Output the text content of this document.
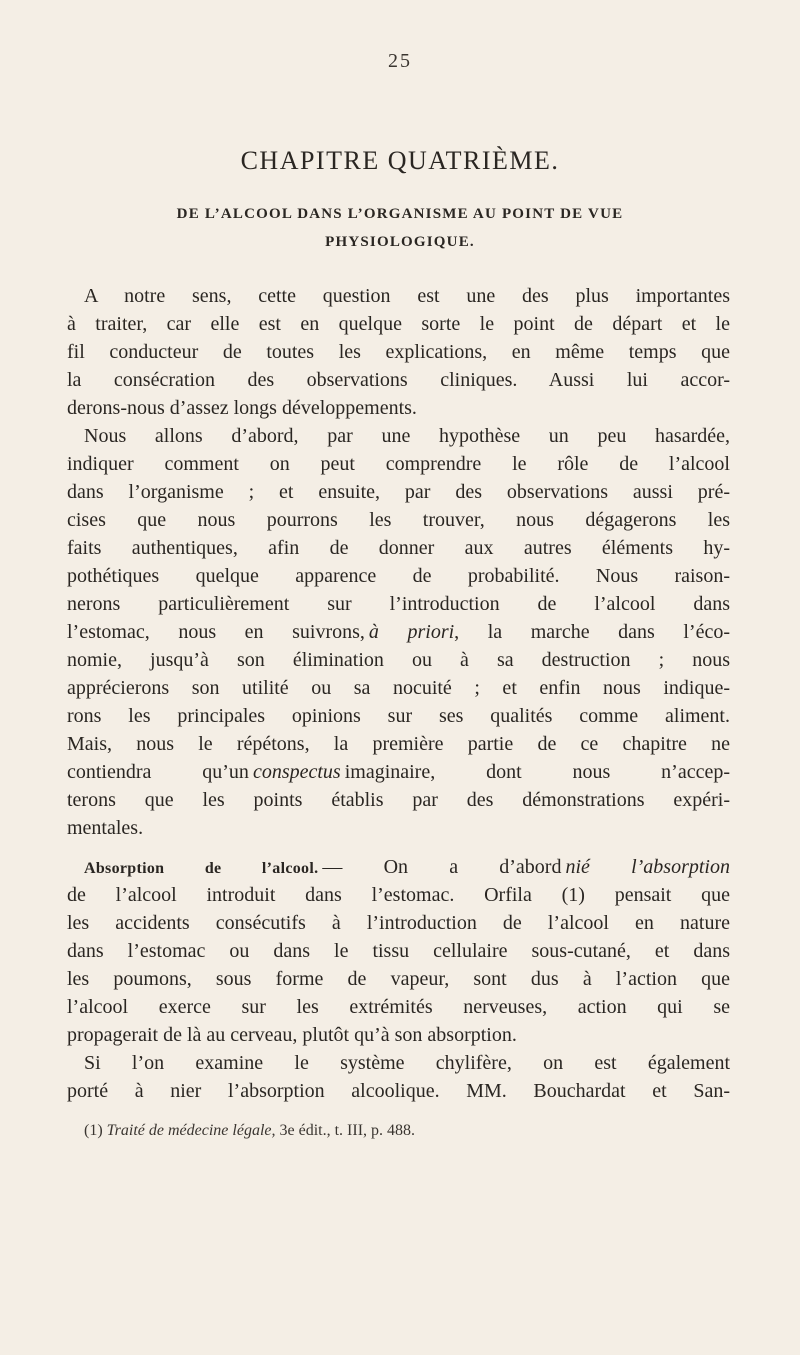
25
CHAPITRE QUATRIÈME.
DE L’ALCOOL DANS L’ORGANISME AU POINT DE VUE
PHYSIOLOGIQUE.
A notre sens, cette question est une des plus importantes
à traiter, car elle est en quelque sorte le point de départ et le
fil conducteur de toutes les explications, en même temps que
la consécration des observations cliniques. Aussi lui accor-
derons-nous d’assez longs développements.
Nous allons d’abord, par une hypothèse un peu hasardée,
indiquer comment on peut comprendre le rôle de l’alcool
dans l’organisme ; et ensuite, par des observations aussi pré-
cises que nous pourrons les trouver, nous dégagerons les
faits authentiques, afin de donner aux autres éléments hy-
pothétiques quelque apparence de probabilité. Nous raison-
nerons particulièrement sur l’introduction de l’alcool dans
l’estomac, nous en suivrons, à priori, la marche dans l’éco-
nomie, jusqu’à son élimination ou à sa destruction ; nous
apprécierons son utilité ou sa nocuité ; et enfin nous indique-
rons les principales opinions sur ses qualités comme aliment.
Mais, nous le répétons, la première partie de ce chapitre ne
contiendra qu’un conspectus imaginaire, dont nous n’accep-
terons que les points établis par des démonstrations expéri-
mentales.
Absorption de l’alcool. — On a d’abord nié l’absorption
de l’alcool introduit dans l’estomac. Orfila (1) pensait que
les accidents consécutifs à l’introduction de l’alcool en nature
dans l’estomac ou dans le tissu cellulaire sous-cutané, et dans
les poumons, sous forme de vapeur, sont dus à l’action que
l’alcool exerce sur les extrémités nerveuses, action qui se
propagerait de là au cerveau, plutôt qu’à son absorption.
Si l’on examine le système chylifère, on est également
porté à nier l’absorption alcoolique. MM. Bouchardat et San-
(1) Traité de médecine légale, 3e édit., t. III, p. 488.
